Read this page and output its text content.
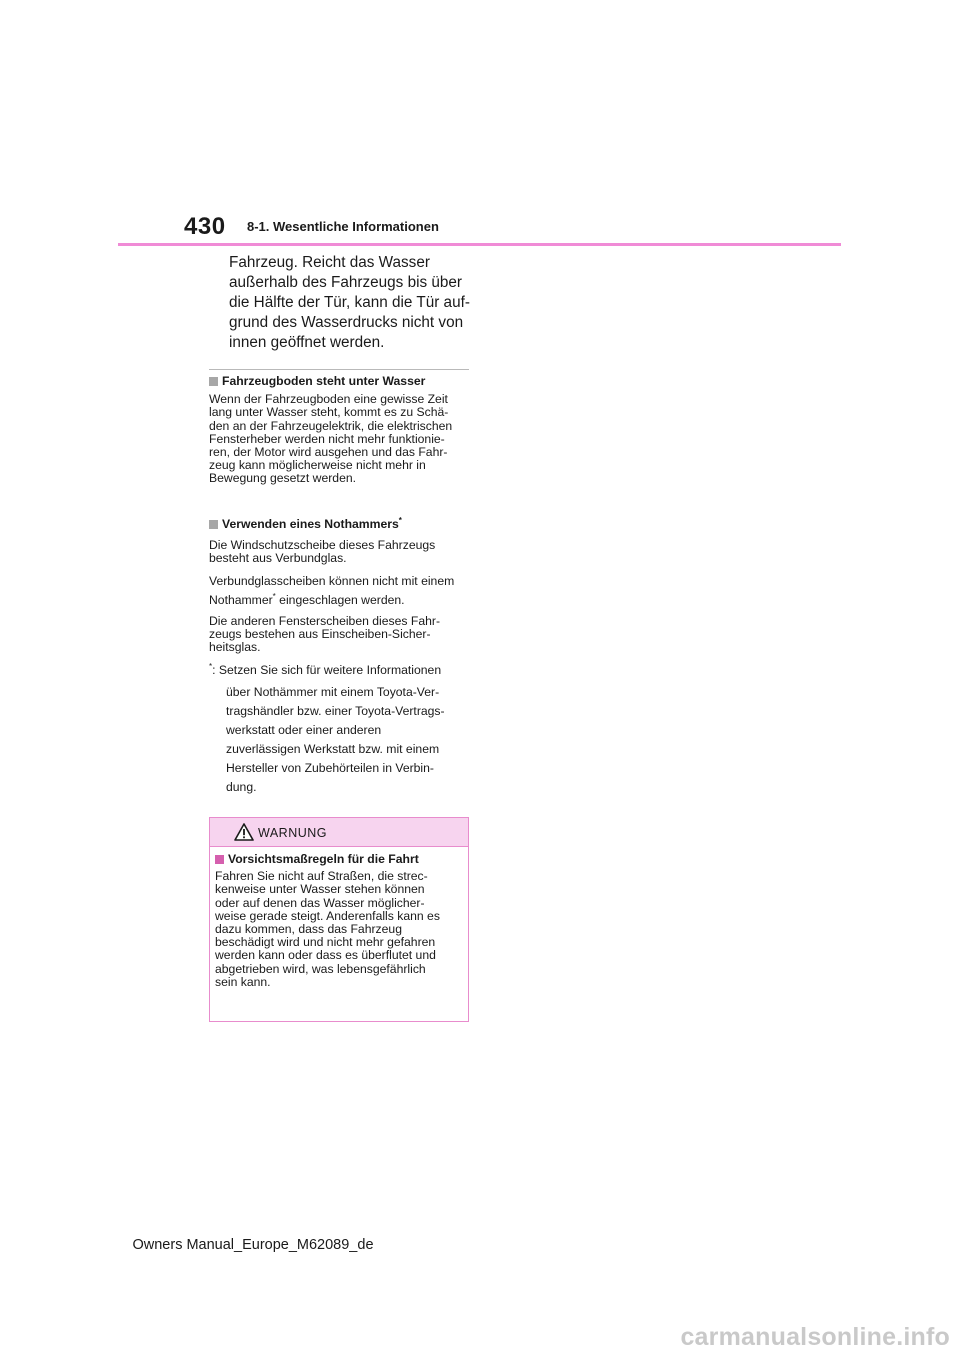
430 8-1. Wesentliche Informationen
Fahrzeug. Reicht das Wasser
außerhalb des Fahrzeugs bis über
die Hälfte der Tür, kann die Tür auf-
grund des Wasserdrucks nicht von
innen geöffnet werden.
Fahrzeugboden steht unter Wasser
Wenn der Fahrzeugboden eine gewisse Zeit
lang unter Wasser steht, kommt es zu Schä-
den an der Fahrzeugelektrik, die elektrischen
Fensterheber werden nicht mehr funktionie-
ren, der Motor wird ausgehen und das Fahr-
zeug kann möglicherweise nicht mehr in
Bewegung gesetzt werden.
Verwenden eines Nothammers*
Die Windschutzscheibe dieses Fahrzeugs
besteht aus Verbundglas.
Verbundglasscheiben können nicht mit einem
Nothammer* eingeschlagen werden.
Die anderen Fensterscheiben dieses Fahr-
zeugs bestehen aus Einscheiben-Sicher-
heitsglas.
*: Setzen Sie sich für weitere Informationen
über Nothämmer mit einem Toyota-Ver-
tragshändler bzw. einer Toyota-Vertrags-
werkstatt oder einer anderen
zuverlässigen Werkstatt bzw. mit einem
Hersteller von Zubehörteilen in Verbin-
dung.
WARNUNG
Vorsichtsmaßregeln für die Fahrt
Fahren Sie nicht auf Straßen, die strec-
kenweise unter Wasser stehen können
oder auf denen das Wasser möglicher-
weise gerade steigt. Anderenfalls kann es
dazu kommen, dass das Fahrzeug
beschädigt wird und nicht mehr gefahren
werden kann oder dass es überflutet und
abgetrieben wird, was lebensgefährlich
sein kann.
Owners Manual_Europe_M62089_de
carmanualsonline.info
